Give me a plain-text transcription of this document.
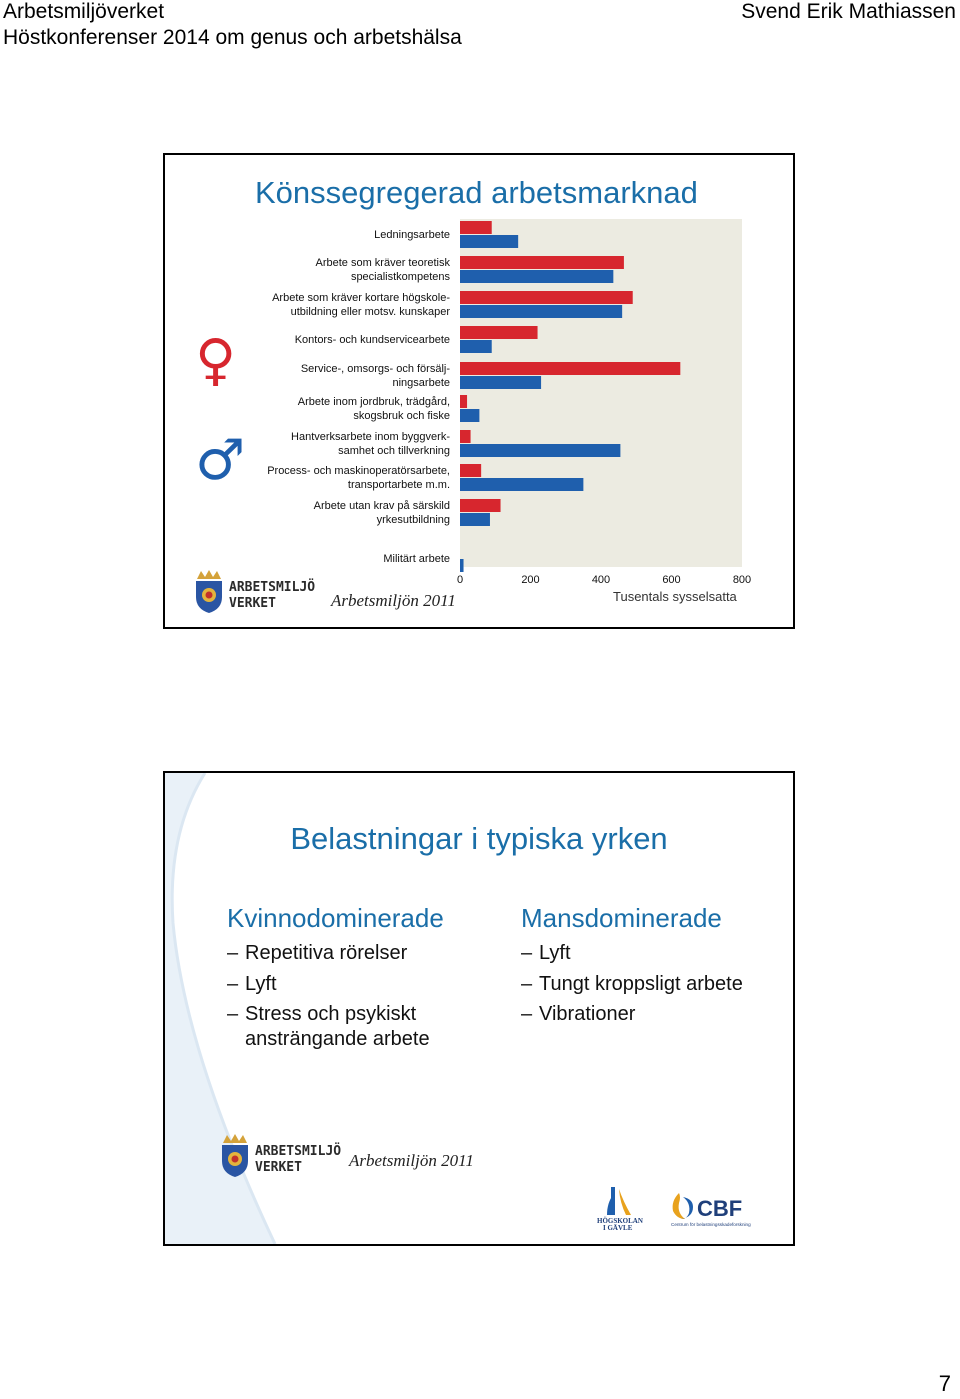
Arbetsmiljöverket
Höstkonferenser 2014 om genus och arbetshälsa
Svend Erik Mathiassen
Könssegregerad arbetsmarknad
Ledningsarbete
Arbete som kräver teoretisk specialistkompetens
Arbete som kräver kortare högskole-utbildning eller motsv. kunskaper
Kontors- och kundservicearbete
Service-, omsorgs- och försälj-ningsarbete
Arbete inom jordbruk, trädgård, skogsbruk och fiske
Hantverksarbete inom byggverk-samhet och tillverkning
Process- och maskinoperatörsarbete, transportarbete m.m.
Arbete utan krav på särskild yrkesutbildning
Militärt arbete
0	200	400	600	800
♀
♂
ARBETSMILJÖ
VERKET	Arbetsmiljön 2011	Tusentals sysselsatta
Belastningar i typiska yrken
Kvinnodominerade
– Repetitiva rörelser
– Lyft
– Stress och psykiskt ansträngande arbete
Mansdominerade
– Lyft
– Tungt kroppsligt arbete
– Vibrationer
ARBETSMILJÖ
VERKET	Arbetsmiljön 2011
HÖGSKOLAN
I GÄVLE
CBF
Centrum för belastningsskadeforskning
7
